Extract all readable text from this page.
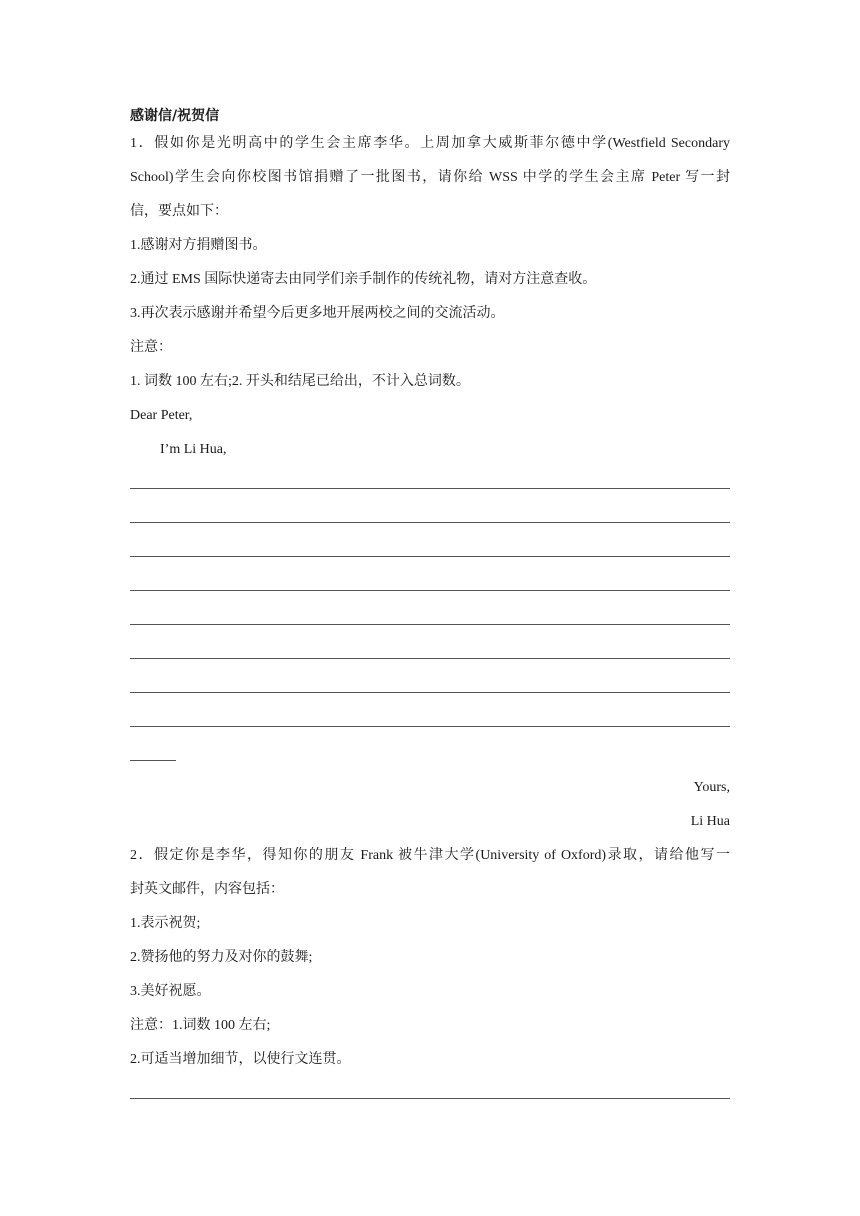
感谢信/祝贺信
1．假如你是光明高中的学生会主席李华。上周加拿大威斯菲尔德中学(Westfield Secondary
School)学生会向你校图书馆捐赠了一批图书，请你给 WSS 中学的学生会主席 Peter 写一封
信，要点如下：
1.感谢对方捐赠图书。
2.通过 EMS 国际快递寄去由同学们亲手制作的传统礼物，请对方注意查收。
3.再次表示感谢并希望今后更多地开展两校之间的交流活动。
注意：
1. 词数 100 左右;2. 开头和结尾已给出，不计入总词数。
Dear Peter,
I’m Li Hua,
Yours,
Li Hua
2．假定你是李华，得知你的朋友 Frank 被牛津大学(University of Oxford)录取，请给他写一
封英文邮件，内容包括：
1.表示祝贺;
2.赞扬他的努力及对你的鼓舞;
3.美好祝愿。
注意：1.词数 100 左右;
2.可适当增加细节，以使行文连贯。
